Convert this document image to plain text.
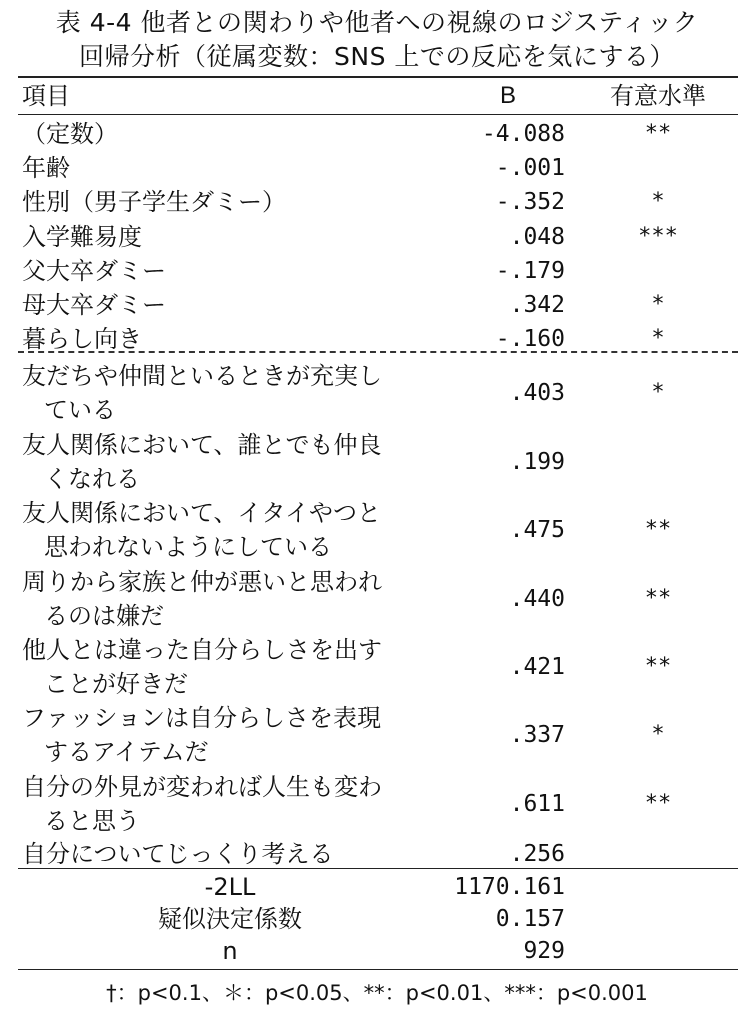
表 4-4 他者との関わりや他者への視線のロジスティック
回帰分析（従属変数：SNS 上での反応を気にする）
項目	B	有意水準
（定数）	-4.088	**
年齢	-.001
性別（男子学生ダミー）	-.352	*
入学難易度	.048	***
父大卒ダミー	-.179
母大卒ダミー	.342	*
暮らし向き	-.160	*
友だちや仲間といるときが充実し
ている
.403	*
友人関係において、誰とでも仲良
くなれる
.199
友人関係において、イタイやつと
思われないようにしている
.475	**
周りから家族と仲が悪いと思われ
るのは嫌だ
.440	**
他人とは違った自分らしさを出す
ことが好きだ
.421	**
ファッションは自分らしさを表現
するアイテムだ
.337	*
自分の外見が変われば人生も変わ
ると思う
.611	**
自分についてじっくり考える	.256
-2LL	1170.161
疑似決定係数	0.157
n	929
†：p<0.1、＊：p<0.05、**：p<0.01、***：p<0.001
